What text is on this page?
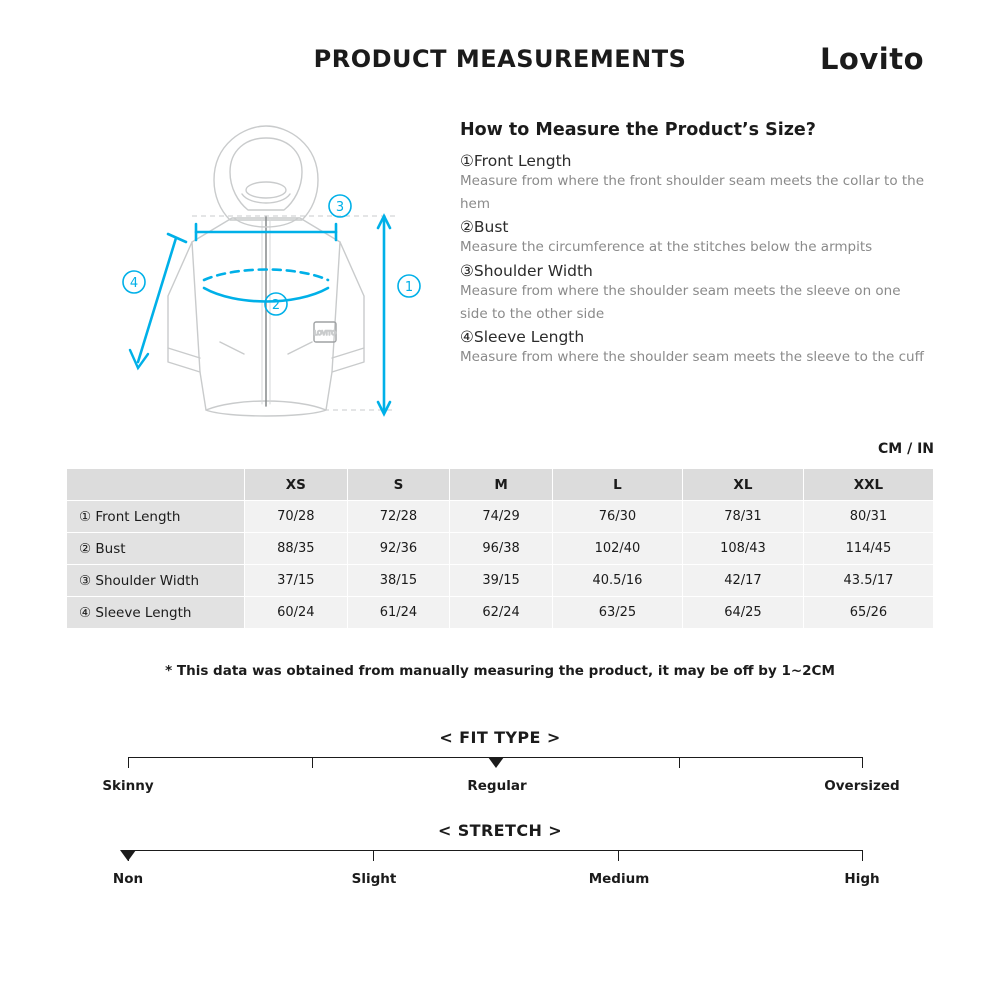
PRODUCT MEASUREMENTS	Lovito
LOVITO
3
2
4	1
How to Measure the Product’s Size?
①Front Length

Measure from where the front shoulder seam meets the collar to the hem

②Bust

Measure the circumference at the stitches below the armpits

③Shoulder Width

Measure from where the shoulder seam meets the sleeve on one side to the other side

④Sleeve Length

Measure from where the shoulder seam meets the sleeve to the cuff

CM / IN
	XS	S	M	L	XL	XXL
① Front Length	70/28	72/28	74/29	76/30	78/31	80/31
② Bust	88/35	92/36	96/38	102/40	108/43	114/45
③ Shoulder Width	37/15	38/15	39/15	40.5/16	42/17	43.5/17
④ Sleeve Length	60/24	61/24	62/24	63/25	64/25	65/26
* This data was obtained from manually measuring the product, it may be off by 1~2CM
< FIT TYPE >
Skinny	Regular	Oversized
< STRETCH >
Non	Slight	Medium	High
